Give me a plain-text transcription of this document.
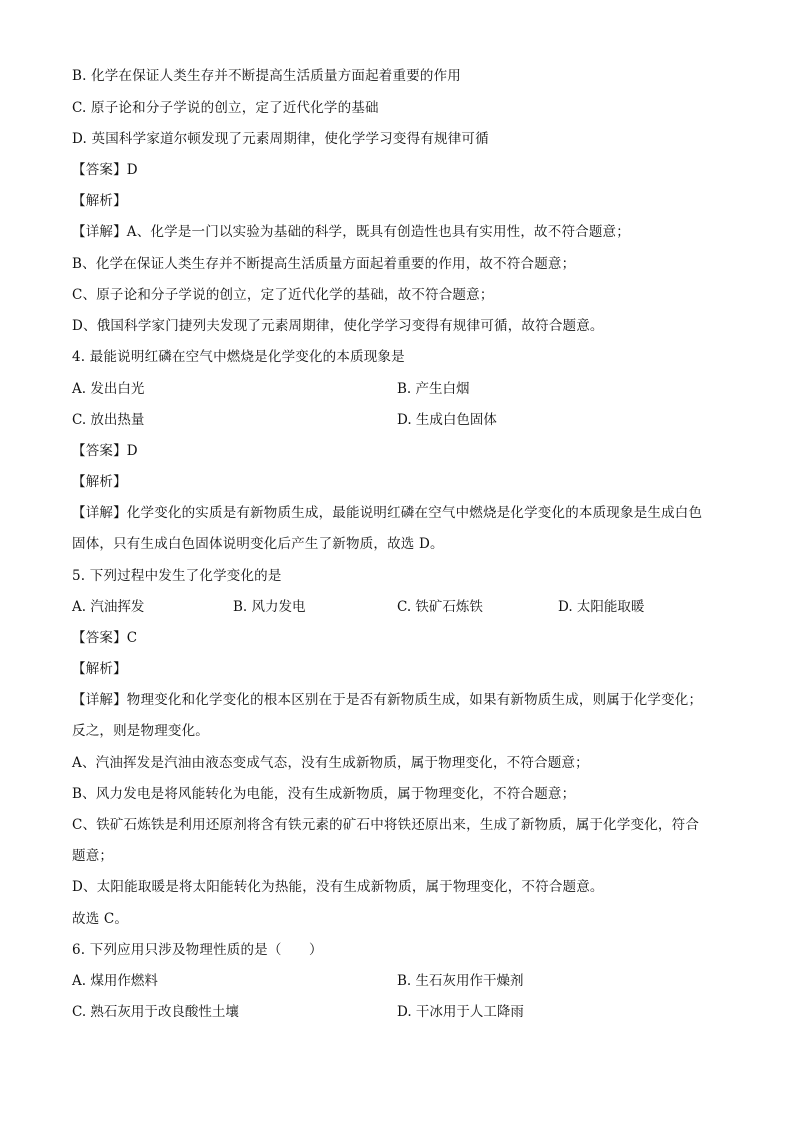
B. 化学在保证人类生存并不断提高生活质量方面起着重要的作用
C. 原子论和分子学说的创立，定了近代化学的基础
D. 英国科学家道尔顿发现了元素周期律，使化学学习变得有规律可循
【答案】D
【解析】
【详解】A、化学是一门以实验为基础的科学，既具有创造性也具有实用性，故不符合题意；
B、化学在保证人类生存并不断提高生活质量方面起着重要的作用，故不符合题意；
C、原子论和分子学说的创立，定了近代化学的基础，故不符合题意；
D、俄国科学家门捷列夫发现了元素周期律，使化学学习变得有规律可循，故符合题意。
4. 最能说明红磷在空气中燃烧是化学变化的本质现象是
A. 发出白光	B. 产生白烟
C. 放出热量	D. 生成白色固体
【答案】D
【解析】
【详解】化学变化的实质是有新物质生成，最能说明红磷在空气中燃烧是化学变化的本质现象是生成白色
固体，只有生成白色固体说明变化后产生了新物质，故选 D。
5. 下列过程中发生了化学变化的是
A. 汽油挥发	B. 风力发电	C. 铁矿石炼铁	D. 太阳能取暖
【答案】C
【解析】
【详解】物理变化和化学变化的根本区别在于是否有新物质生成，如果有新物质生成，则属于化学变化；
反之，则是物理变化。
A、汽油挥发是汽油由液态变成气态，没有生成新物质，属于物理变化，不符合题意；
B、风力发电是将风能转化为电能，没有生成新物质，属于物理变化，不符合题意；
C、铁矿石炼铁是利用还原剂将含有铁元素的矿石中将铁还原出来，生成了新物质，属于化学变化，符合
题意；
D、太阳能取暖是将太阳能转化为热能，没有生成新物质，属于物理变化，不符合题意。
故选 C。
6. 下列应用只涉及物理性质的是（　　）
A. 煤用作燃料	B. 生石灰用作干燥剂
C. 熟石灰用于改良酸性土壤	D. 干冰用于人工降雨
